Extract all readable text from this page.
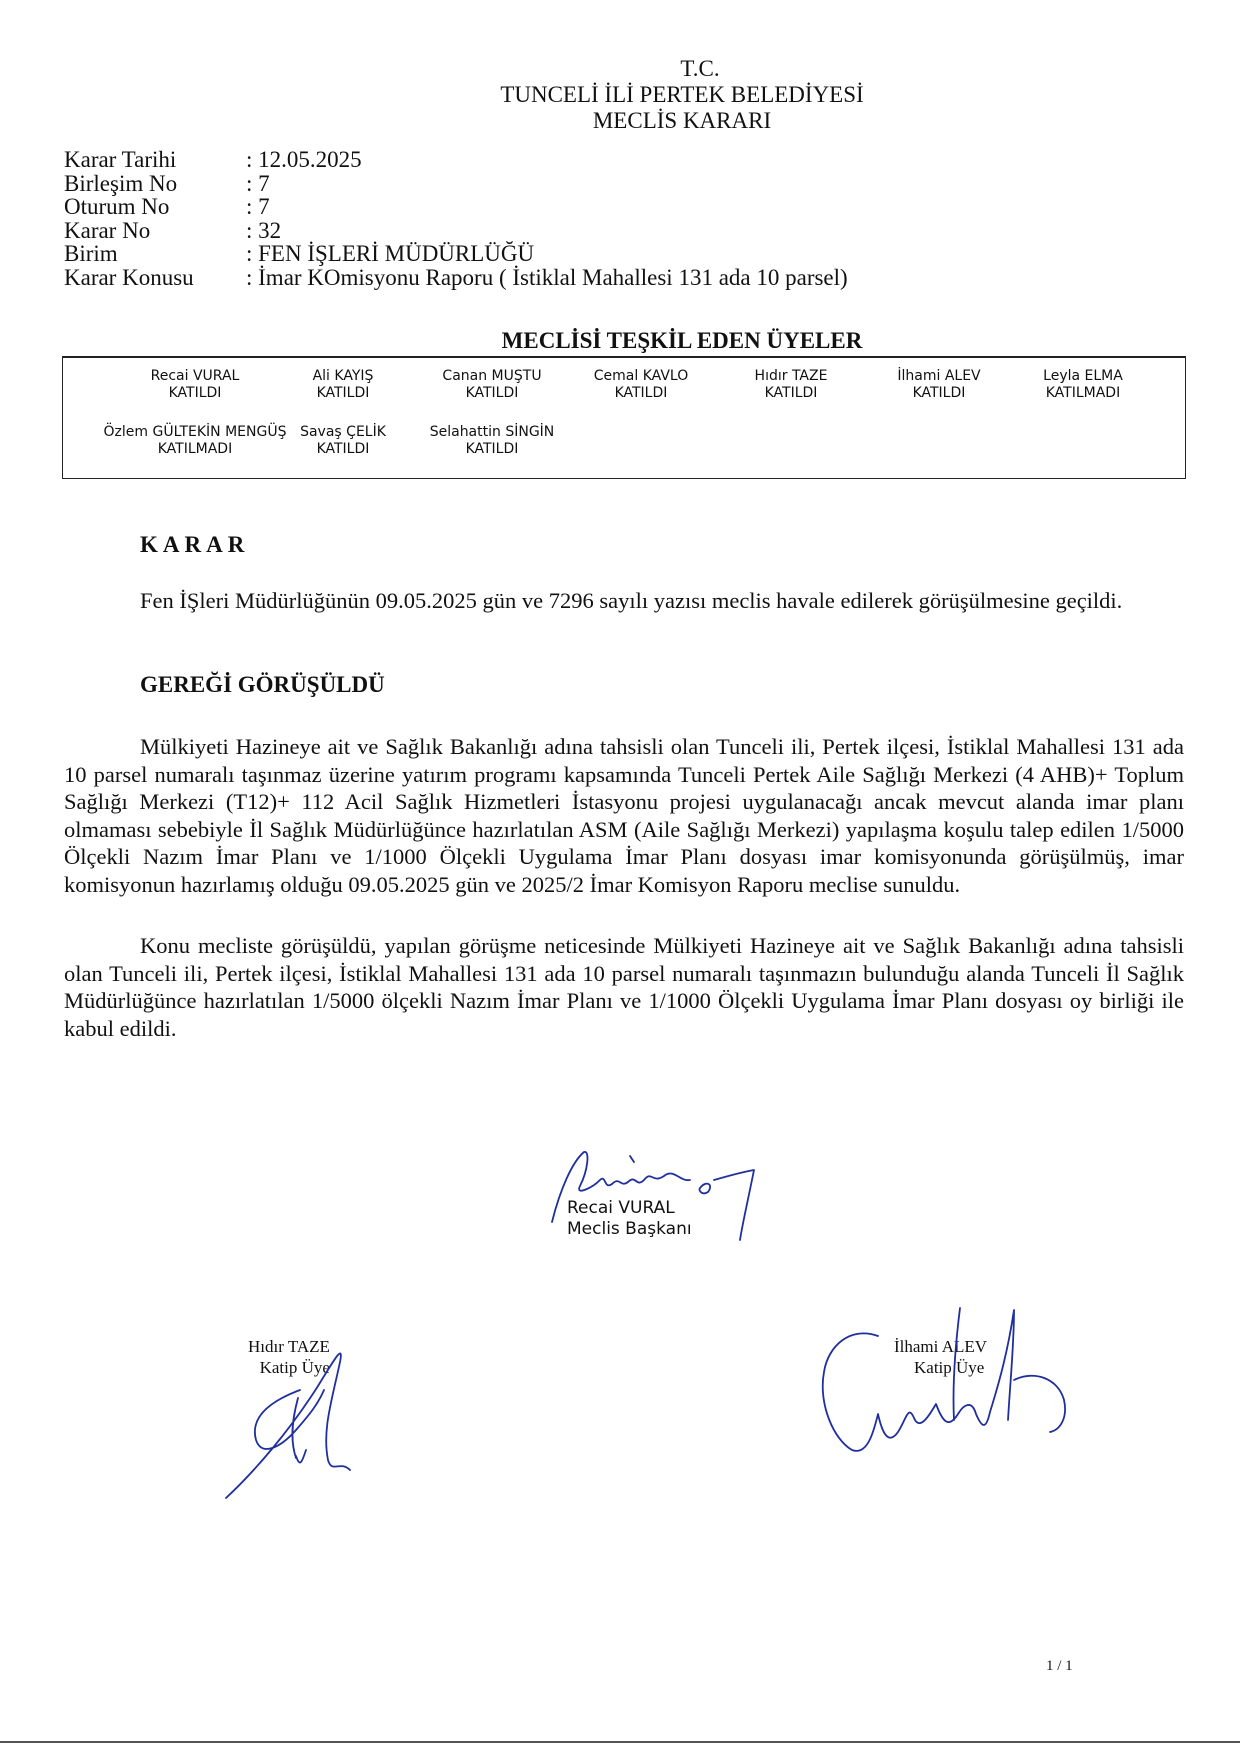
T.C.
TUNCELİ İLİ PERTEK BELEDİYESİ
MECLİS KARARI
Karar Tarihi	: 12.05.2025
Birleşim No	: 7
Oturum No	: 7
Karar No	: 32
Birim	: FEN İŞLERİ MÜDÜRLÜĞÜ
Karar Konusu	: İmar KOmisyonu Raporu ( İstiklal Mahallesi 131 ada 10 parsel)
MECLİSİ TEŞKİL EDEN ÜYELER
Recai VURAL
KATILDI
Ali KAYIŞ
KATILDI
Canan MUŞTU
KATILDI
Cemal KAVLO
KATILDI
Hıdır TAZE
KATILDI
İlhami ALEV
KATILDI
Leyla ELMA
KATILMADI
Özlem GÜLTEKİN MENGÜŞ
KATILMADI
Savaş ÇELİK
KATILDI
Selahattin SİNGİN
KATILDI
KARAR

Fen İŞleri Müdürlüğünün 09.05.2025 gün ve 7296 sayılı yazısı meclis havale edilerek görüşülmesine geçildi.

GEREĞİ GÖRÜŞÜLDÜ

Mülkiyeti Hazineye ait ve Sağlık Bakanlığı adına tahsisli olan Tunceli ili, Pertek ilçesi, İstiklal Mahallesi 131 ada 10 parsel numaralı taşınmaz üzerine yatırım programı kapsamında Tunceli Pertek Aile Sağlığı Merkezi (4 AHB)+ Toplum Sağlığı Merkezi (T12)+ 112 Acil Sağlık Hizmetleri İstasyonu projesi uygulanacağı ancak mevcut alanda imar planı olmaması sebebiyle İl Sağlık Müdürlüğünce hazırlatılan ASM (Aile Sağlığı Merkezi) yapılaşma koşulu talep edilen 1/5000 Ölçekli Nazım İmar Planı ve 1/1000 Ölçekli Uygulama İmar Planı dosyası imar komisyonunda görüşülmüş, imar komisyonun hazırlamış olduğu 09.05.2025 gün ve 2025/2 İmar Komisyon Raporu meclise sunuldu.

Konu mecliste görüşüldü, yapılan görüşme neticesinde Mülkiyeti Hazineye ait ve Sağlık Bakanlığı adına tahsisli olan Tunceli ili, Pertek ilçesi, İstiklal Mahallesi 131 ada 10 parsel numaralı taşınmazın bulunduğu alanda Tunceli İl Sağlık Müdürlüğünce hazırlatılan 1/5000 ölçekli Nazım İmar Planı ve 1/1000 Ölçekli Uygulama İmar Planı dosyası oy birliği ile kabul edildi.

Recai VURAL
Meclis Başkanı
Hıdır TAZE
Katip Üye
İlhami ALEV
Katip Üye
1 / 1
